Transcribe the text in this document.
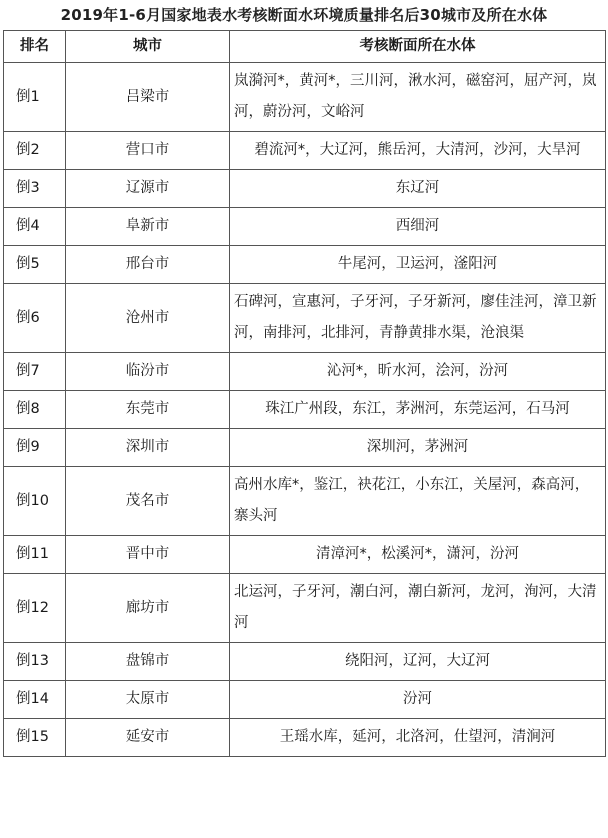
2019年1-6月国家地表水考核断面水环境质量排名后30城市及所在水体
排名	城市	考核断面所在水体
倒1	吕梁市	岚漪河*，黄河*，三川河，湫水河，磁窑河，屈产河，岚河，蔚汾河，文峪河
倒2	营口市	碧流河*，大辽河，熊岳河，大清河，沙河，大旱河
倒3	辽源市	东辽河
倒4	阜新市	西细河
倒5	邢台市	牛尾河，卫运河，滏阳河
倒6	沧州市	石碑河，宣惠河，子牙河，子牙新河，廖佳洼河，漳卫新河，南排河，北排河，青静黄排水渠，沧浪渠
倒7	临汾市	沁河*，昕水河，浍河，汾河
倒8	东莞市	珠江广州段，东江，茅洲河，东莞运河，石马河
倒9	深圳市	深圳河，茅洲河
倒10	茂名市	高州水库*，鉴江，袂花江，小东江，关屋河，森高河，寨头河
倒11	晋中市	清漳河*，松溪河*，潇河，汾河
倒12	廊坊市	北运河，子牙河，潮白河，潮白新河，龙河，洵河，大清河
倒13	盘锦市	绕阳河，辽河，大辽河
倒14	太原市	汾河
倒15	延安市	王瑶水库，延河，北洛河，仕望河，清涧河
